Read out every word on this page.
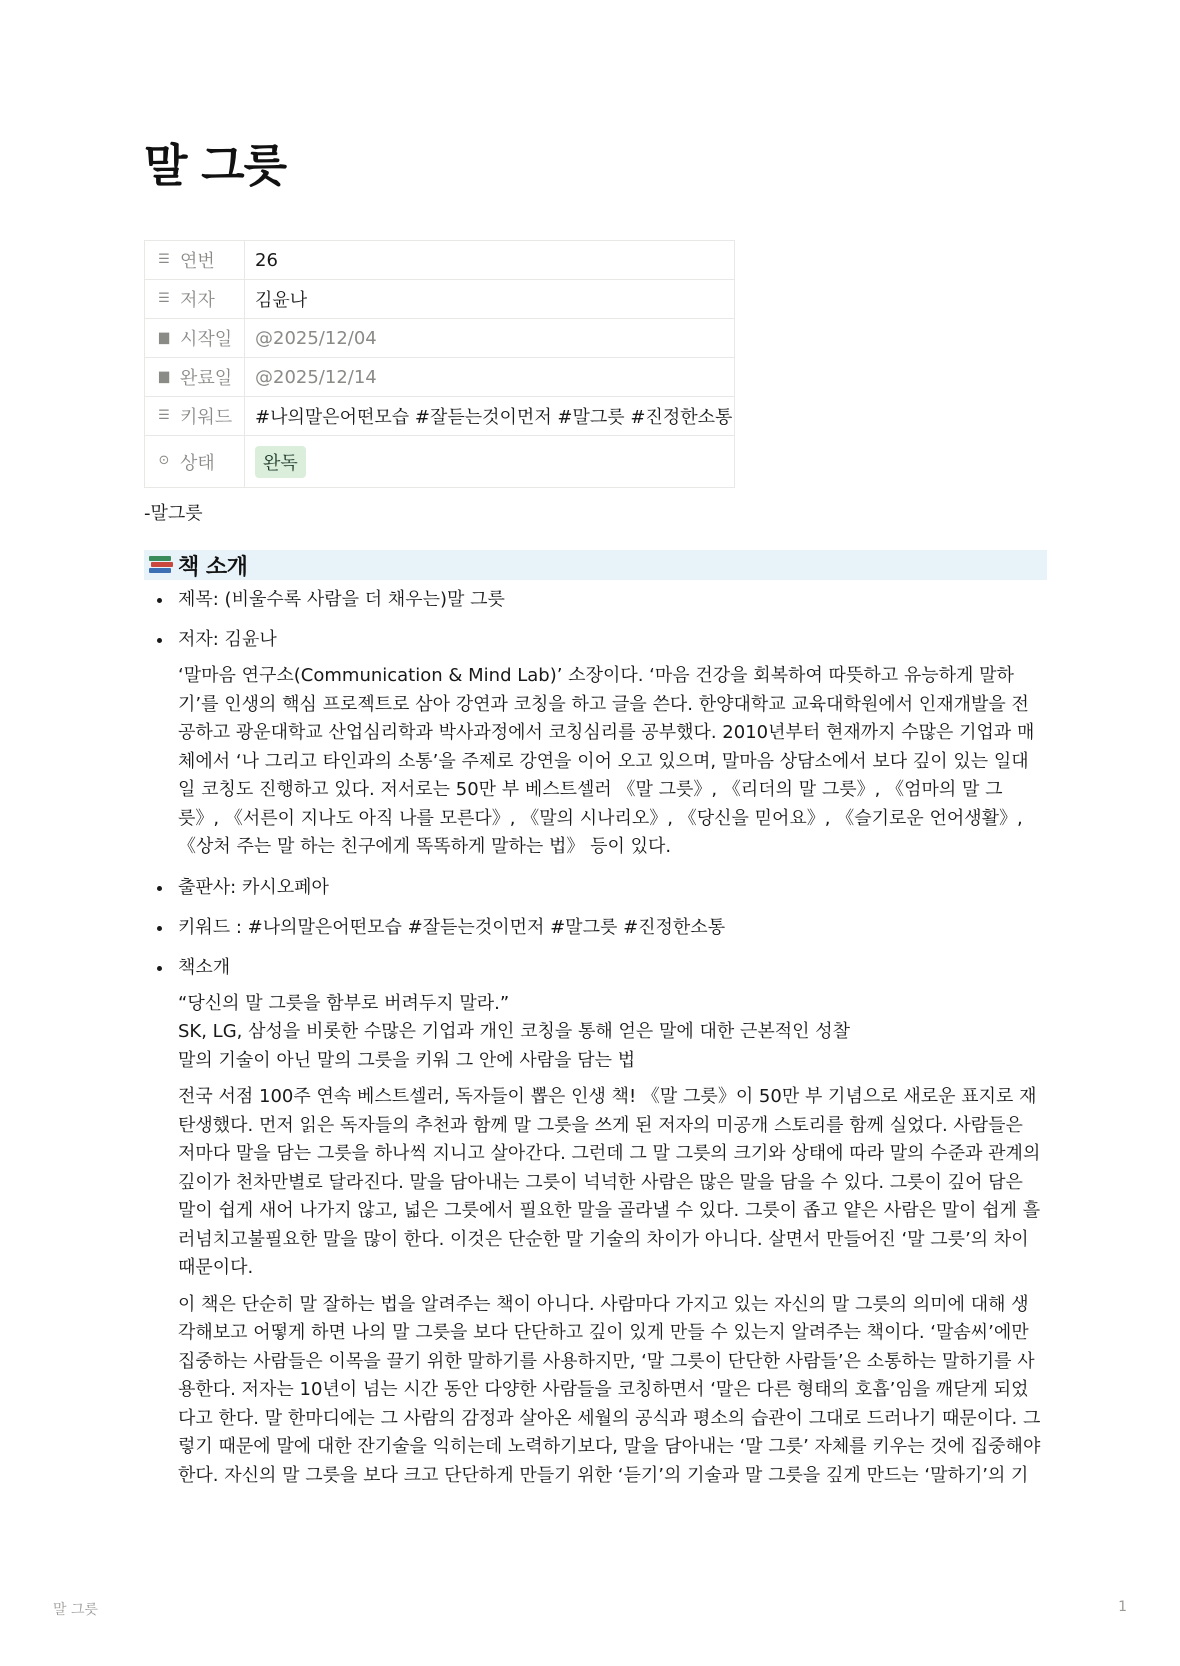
말 그릇
☰ 연번	26
☰ 저자	김윤나
▆ 시작일	@2025/12/04
▆ 완료일	@2025/12/14
☰ 키워드	#나의말은어떤모습 #잘듣는것이먼저 #말그릇 #진정한소통
⊙ 상태	완독
-말그릇
책 소개
제목: (비울수록 사람을 더 채우는)말 그릇
저자: 김윤나

‘말마음 연구소(Communication & Mind Lab)’ 소장이다. ‘마음 건강을 회복하여 따뜻하고 유능하게 말하
기’를 인생의 핵심 프로젝트로 삼아 강연과 코칭을 하고 글을 쓴다. 한양대학교 교육대학원에서 인재개발을 전
공하고 광운대학교 산업심리학과 박사과정에서 코칭심리를 공부했다. 2010년부터 현재까지 수많은 기업과 매
체에서 ‘나 그리고 타인과의 소통’을 주제로 강연을 이어 오고 있으며, 말마음 상담소에서 보다 깊이 있는 일대
일 코칭도 진행하고 있다. 저서로는 50만 부 베스트셀러 《말 그릇》, 《리더의 말 그릇》, 《엄마의 말 그
릇》, 《서른이 지나도 아직 나를 모른다》, 《말의 시나리오》, 《당신을 믿어요》, 《슬기로운 언어생활》,
《상처 주는 말 하는 친구에게 똑똑하게 말하는 법》 등이 있다.

출판사: 카시오페아
키워드 : #나의말은어떤모습 #잘듣는것이먼저 #말그릇 #진정한소통
책소개

“당신의 말 그릇을 함부로 버려두지 말라.”
SK, LG, 삼성을 비롯한 수많은 기업과 개인 코칭을 통해 얻은 말에 대한 근본적인 성찰
말의 기술이 아닌 말의 그릇을 키워 그 안에 사람을 담는 법

전국 서점 100주 연속 베스트셀러, 독자들이 뽑은 인생 책! 《말 그릇》이 50만 부 기념으로 새로운 표지로 재
탄생했다. 먼저 읽은 독자들의 추천과 함께 말 그릇을 쓰게 된 저자의 미공개 스토리를 함께 실었다. 사람들은
저마다 말을 담는 그릇을 하나씩 지니고 살아간다. 그런데 그 말 그릇의 크기와 상태에 따라 말의 수준과 관계의
깊이가 천차만별로 달라진다. 말을 담아내는 그릇이 넉넉한 사람은 많은 말을 담을 수 있다. 그릇이 깊어 담은
말이 쉽게 새어 나가지 않고, 넓은 그릇에서 필요한 말을 골라낼 수 있다. 그릇이 좁고 얕은 사람은 말이 쉽게 흘
러넘치고불필요한 말을 많이 한다. 이것은 단순한 말 기술의 차이가 아니다. 살면서 만들어진 ‘말 그릇’의 차이
때문이다.

이 책은 단순히 말 잘하는 법을 알려주는 책이 아니다. 사람마다 가지고 있는 자신의 말 그릇의 의미에 대해 생
각해보고 어떻게 하면 나의 말 그릇을 보다 단단하고 깊이 있게 만들 수 있는지 알려주는 책이다. ‘말솜씨’에만
집중하는 사람들은 이목을 끌기 위한 말하기를 사용하지만, ‘말 그릇이 단단한 사람들’은 소통하는 말하기를 사
용한다. 저자는 10년이 넘는 시간 동안 다양한 사람들을 코칭하면서 ‘말은 다른 형태의 호흡’임을 깨닫게 되었
다고 한다. 말 한마디에는 그 사람의 감정과 살아온 세월의 공식과 평소의 습관이 그대로 드러나기 때문이다. 그
렇기 때문에 말에 대한 잔기술을 익히는데 노력하기보다, 말을 담아내는 ‘말 그릇’ 자체를 키우는 것에 집중해야
한다. 자신의 말 그릇을 보다 크고 단단하게 만들기 위한 ‘듣기’의 기술과 말 그릇을 깊게 만드는 ‘말하기’의 기

말 그릇	1
